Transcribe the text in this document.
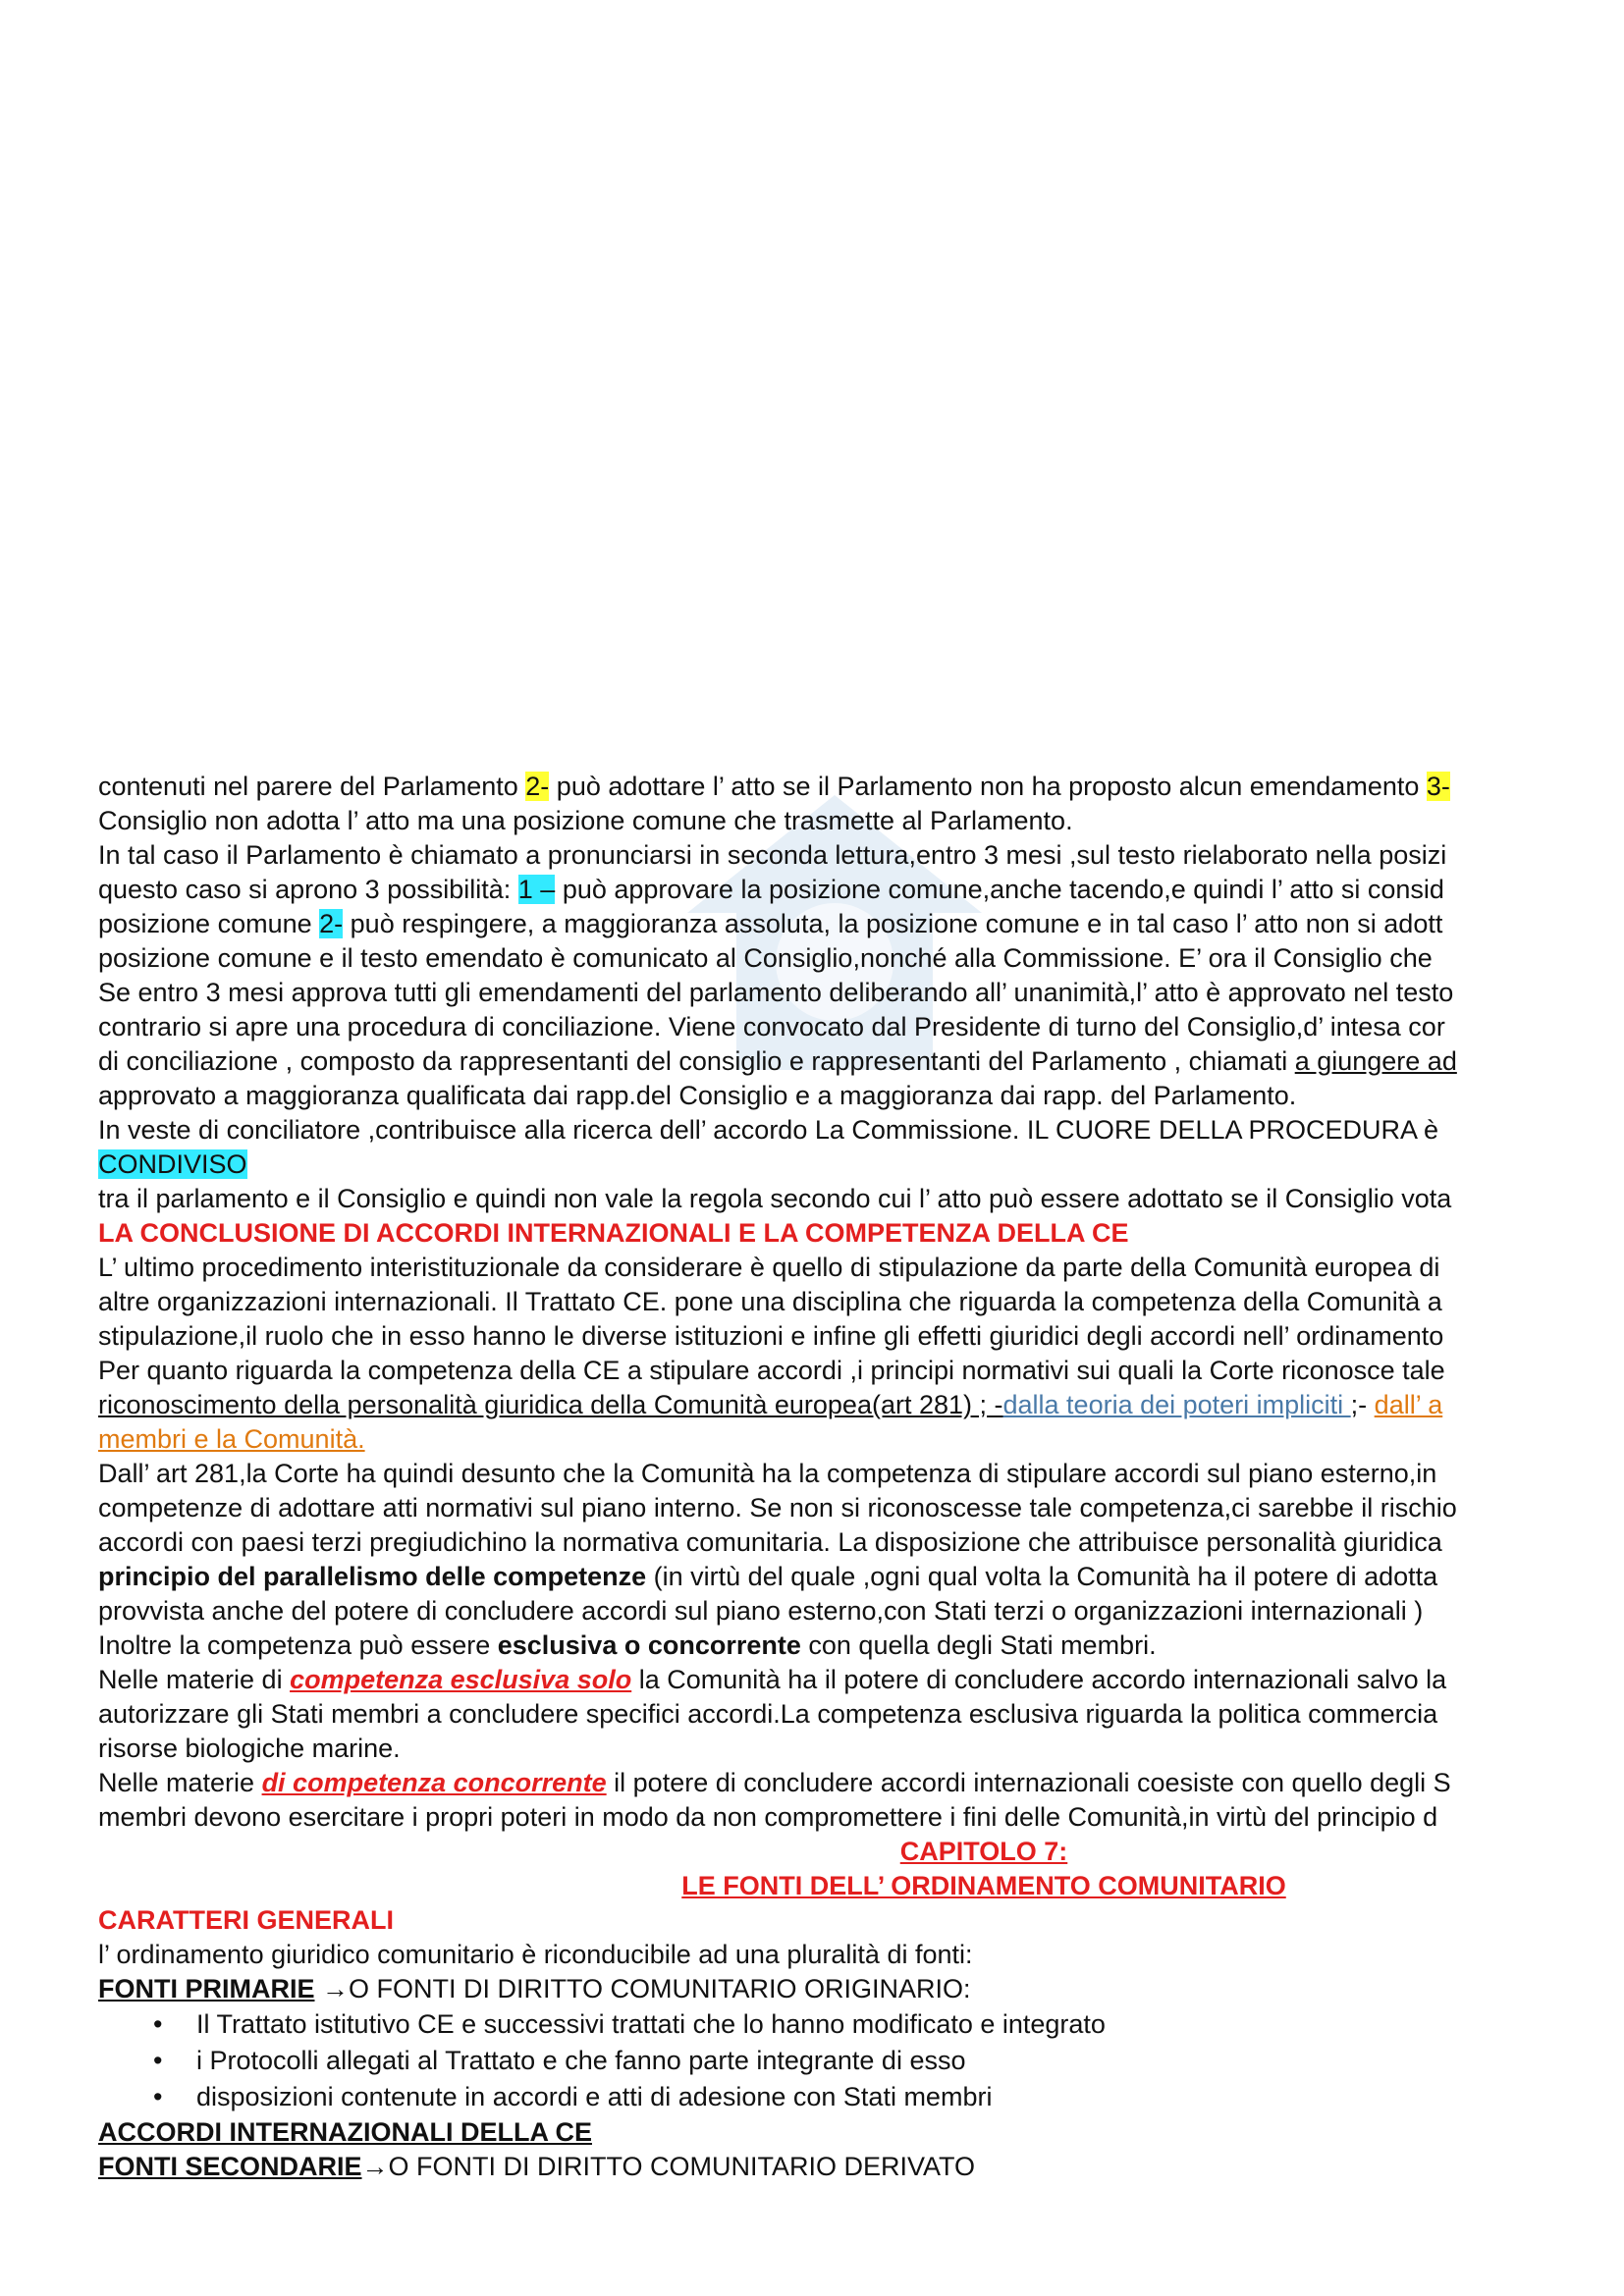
contenuti nel parere del Parlamento 2- può adottare l’ atto se il Parlamento non ha proposto alcun emendamento 3-
Consiglio non adotta l’ atto ma una posizione comune che trasmette al Parlamento.
In tal caso il Parlamento è chiamato a pronunciarsi in seconda lettura,entro 3 mesi ,sul testo rielaborato nella posizi
questo caso si aprono 3 possibilità: 1 – può approvare la posizione comune,anche tacendo,e quindi l’ atto si consid
posizione comune 2- può respingere, a maggioranza assoluta, la posizione comune e in tal caso l’ atto non si adott
posizione comune e il testo emendato è comunicato al Consiglio,nonché alla Commissione. E’ ora il Consiglio che
Se entro 3 mesi approva tutti gli emendamenti del parlamento deliberando all’ unanimità,l’ atto è approvato nel testo
contrario si apre una procedura di conciliazione. Viene convocato dal Presidente di turno del Consiglio,d’ intesa cor
di conciliazione , composto da rappresentanti del consiglio e rappresentanti del Parlamento , chiamati a giungere ad
approvato a maggioranza qualificata dai rapp.del Consiglio e a maggioranza dai rapp. del Parlamento.
In veste di conciliatore ,contribuisce alla ricerca dell’ accordo La Commissione. IL CUORE DELLA PROCEDURA è
CONDIVISO
tra il parlamento e il Consiglio e quindi non vale la regola secondo cui l’ atto può essere adottato se il Consiglio vota
LA CONCLUSIONE DI ACCORDI INTERNAZIONALI E LA COMPETENZA DELLA CE
L’ ultimo procedimento interistituzionale da considerare è quello di stipulazione da parte della Comunità europea di
altre organizzazioni internazionali. Il Trattato CE. pone una disciplina che riguarda la competenza della Comunità a
stipulazione,il ruolo che in esso hanno le diverse istituzioni e infine gli effetti giuridici degli accordi nell’ ordinamento
Per quanto riguarda la competenza della CE a stipulare accordi ,i principi normativi sui quali la Corte riconosce tale
riconoscimento della personalità giuridica della Comunità europea(art 281) ; -dalla teoria dei poteri impliciti ;- dall’ a
membri e la Comunità.
Dall’ art 281,la Corte ha quindi desunto che la Comunità ha la competenza di stipulare accordi sul piano esterno,in
competenze di adottare atti normativi sul piano interno. Se non si riconoscesse tale competenza,ci sarebbe il rischio
accordi con paesi terzi pregiudichino la normativa comunitaria. La disposizione che attribuisce personalità giuridica
principio del parallelismo delle competenze (in virtù del quale ,ogni qual volta la Comunità ha il potere di adotta
provvista anche del potere di concludere accordi sul piano esterno,con Stati terzi o organizzazioni internazionali )
Inoltre la competenza può essere esclusiva o concorrente con quella degli Stati membri.
Nelle materie di competenza esclusiva solo la Comunità ha il potere di concludere accordo internazionali salvo la
autorizzare gli Stati membri a concludere specifici accordi.La competenza esclusiva riguarda la politica commercia
risorse biologiche marine.
Nelle materie di competenza concorrente il potere di concludere accordi internazionali coesiste con quello degli S
membri devono esercitare i propri poteri in modo da non compromettere i fini delle Comunità,in virtù del principio d
CAPITOLO 7:
LE FONTI DELL’ ORDINAMENTO COMUNITARIO
CARATTERI GENERALI
l’ ordinamento giuridico comunitario è riconducibile ad una pluralità di fonti:
FONTI PRIMARIE →O FONTI DI DIRITTO COMUNITARIO ORIGINARIO:
• Il Trattato istitutivo CE e successivi trattati che lo hanno modificato e integrato
• i Protocolli allegati al Trattato e che fanno parte integrante di esso
• disposizioni contenute in accordi e atti di adesione con Stati membri
ACCORDI INTERNAZIONALI DELLA CE
FONTI SECONDARIE→O FONTI DI DIRITTO COMUNITARIO DERIVATO
